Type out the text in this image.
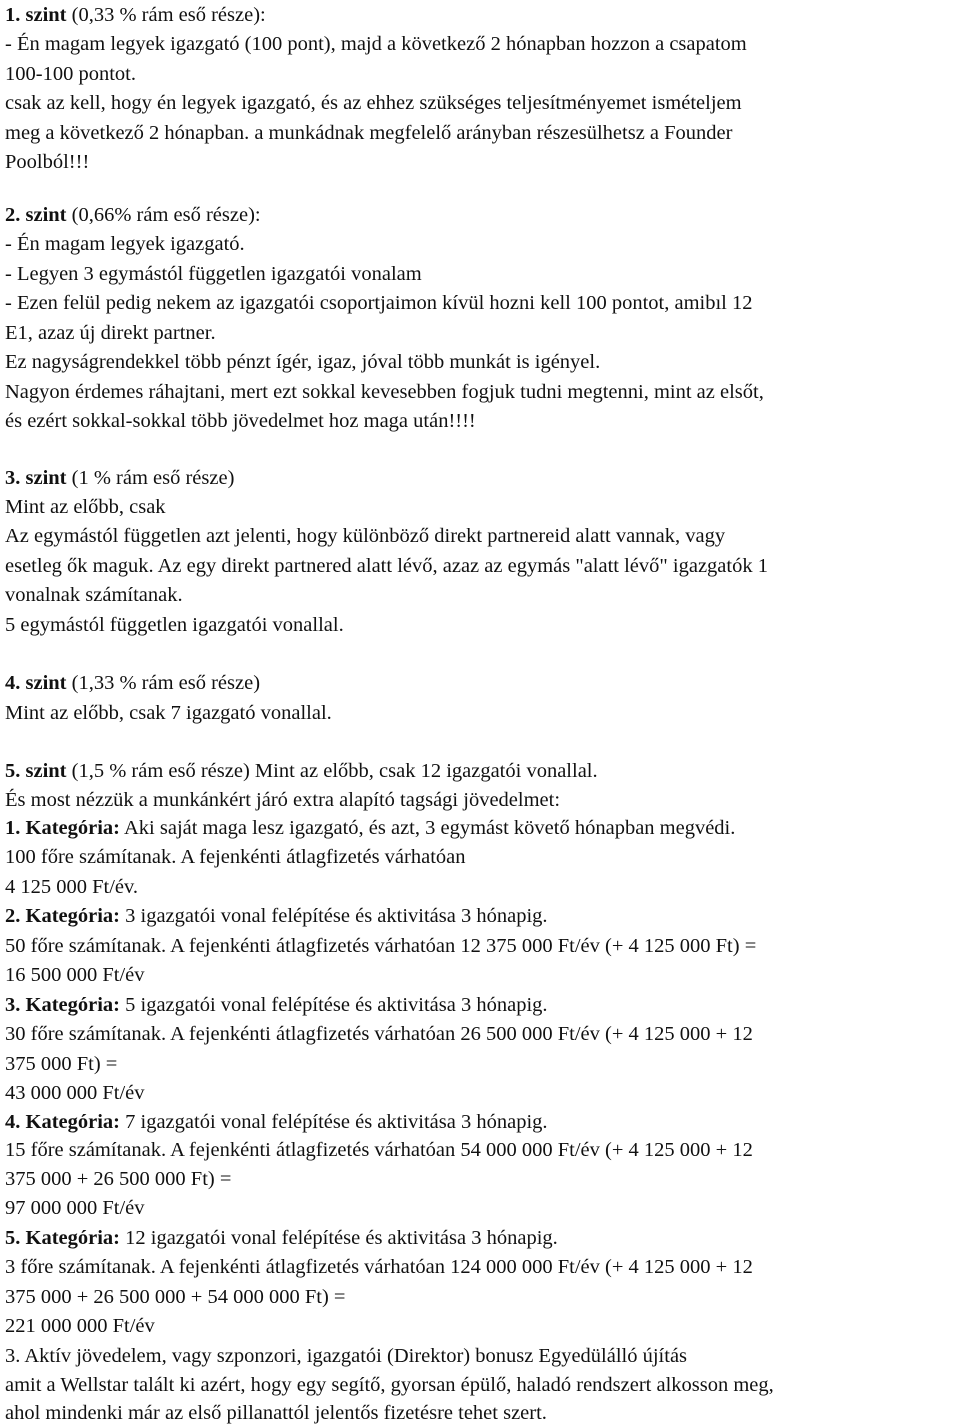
1. szint (0,33 % rám eső része):
- Én magam legyek igazgató (100 pont), majd a következő 2 hónapban hozzon a csapatom
100-100 pontot.
csak az kell, hogy én legyek igazgató, és az ehhez szükséges teljesítményemet ismételjem
meg a következő 2 hónapban. a munkádnak megfelelő arányban részesülhetsz a Founder
Poolból!!!
2. szint (0,66% rám eső része):
- Én magam legyek igazgató.
- Legyen 3 egymástól független igazgatói vonalam
- Ezen felül pedig nekem az igazgatói csoportjaimon kívül hozni kell 100 pontot, amibıl 12
E1, azaz új direkt partner.
Ez nagyságrendekkel több pénzt ígér, igaz, jóval több munkát is igényel.
Nagyon érdemes ráhajtani, mert ezt sokkal kevesebben fogjuk tudni megtenni, mint az elsőt,
és ezért sokkal-sokkal több jövedelmet hoz maga után!!!!
3. szint (1 % rám eső része)
Mint az előbb, csak
Az egymástól független azt jelenti, hogy különböző direkt partnereid alatt vannak, vagy
esetleg ők maguk. Az egy direkt partnered alatt lévő, azaz az egymás "alatt lévő" igazgatók 1
vonalnak számítanak.
5 egymástól független igazgatói vonallal.
4. szint (1,33 % rám eső része)
Mint az előbb, csak 7 igazgató vonallal.
5. szint (1,5 % rám eső része) Mint az előbb, csak 12 igazgatói vonallal.
És most nézzük a munkánkért járó extra alapító tagsági jövedelmet:
1. Kategória: Aki saját maga lesz igazgató, és azt, 3 egymást követő hónapban megvédi.
100 főre számítanak. A fejenkénti átlagfizetés várhatóan
4 125 000 Ft/év.
2. Kategória: 3 igazgatói vonal felépítése és aktivitása 3 hónapig.
50 főre számítanak. A fejenkénti átlagfizetés várhatóan 12 375 000 Ft/év (+ 4 125 000 Ft) =
16 500 000 Ft/év
3. Kategória: 5 igazgatói vonal felépítése és aktivitása 3 hónapig.
30 főre számítanak. A fejenkénti átlagfizetés várhatóan 26 500 000 Ft/év (+ 4 125 000 + 12
375 000 Ft) =
43 000 000 Ft/év
4. Kategória: 7 igazgatói vonal felépítése és aktivitása 3 hónapig.
15 főre számítanak. A fejenkénti átlagfizetés várhatóan 54 000 000 Ft/év (+ 4 125 000 + 12
375 000 + 26 500 000 Ft) =
97 000 000 Ft/év
5. Kategória: 12 igazgatói vonal felépítése és aktivitása 3 hónapig.
3 főre számítanak. A fejenkénti átlagfizetés várhatóan 124 000 000 Ft/év (+ 4 125 000 + 12
375 000 + 26 500 000 + 54 000 000 Ft) =
221 000 000 Ft/év
3. Aktív jövedelem, vagy szponzori, igazgatói (Direktor) bonusz Egyedülálló újítás
amit a Wellstar talált ki azért, hogy egy segítő, gyorsan épülő, haladó rendszert alkosson meg,
ahol mindenki már az első pillanattól jelentős fizetésre tehet szert.
